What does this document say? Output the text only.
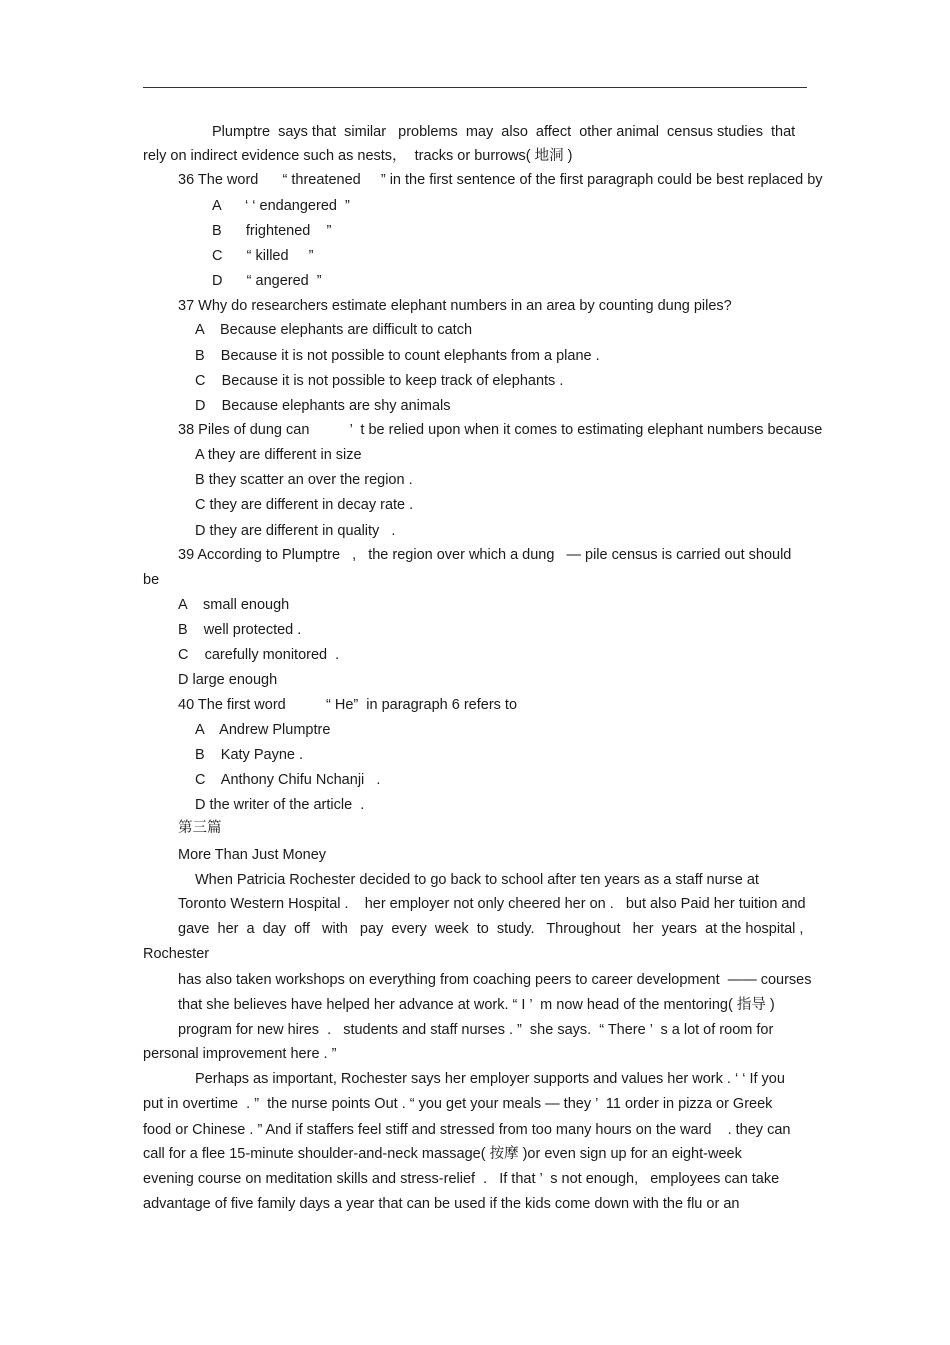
Plumptre  says that  similar   problems  may  also  affect  other animal  census studies  that
rely on indirect evidence such as nests，  tracks or burrows( 地洞 )
36 The word      “ threatened     ” in the first sentence of the first paragraph could be best replaced by
A      ‘ ‘ endangered  ”
B      frightened    ”
C      “ killed     ”
D      “ angered  ”
37 Why do researchers estimate elephant numbers in an area by counting dung piles?
A    Because elephants are difficult to catch
B    Because it is not possible to count elephants from a plane .
C    Because it is not possible to keep track of elephants .
D    Because elephants are shy animals
38 Piles of dung can          ’  t be relied upon when it comes to estimating elephant numbers because
A they are different in size
B they scatter an over the region .
C they are different in decay rate .
D they are different in quality   .
39 According to Plumptre   ,   the region over which a dung   — pile census is carried out should
be
A    small enough
B    well protected .
C    carefully monitored  .
D large enough
40 The first word          “ He”  in paragraph 6 refers to
A    Andrew Plumptre
B    Katy Payne .
C    Anthony Chifu Nchanji   .
D the writer of the article  .
第三篇
More Than Just Money
When Patricia Rochester decided to go back to school after ten years as a staff nurse at
Toronto Western Hospital .    her employer not only cheered her on .   but also Paid her tuition and
gave  her  a  day  off   with   pay  every  week  to  study.   Throughout   her  years  at the hospital ,
Rochester
has also taken workshops on everything from coaching peers to career development  —— courses
that she believes have helped her advance at work. “ I ’  m now head of the mentoring( 指导 )
program for new hires  .   students and staff nurses . ”  she says.  “ There ’  s a lot of room for
personal improvement here . ”
Perhaps as important, Rochester says her employer supports and values her work . ‘ ‘ If you
put in overtime  . ”  the nurse points Out . “ you get your meals — they ’  11 order in pizza or Greek
food or Chinese . ” And if staffers feel stiff and stressed from too many hours on the ward    . they can
call for a flee 15-minute shoulder-and-neck massage( 按摩 )or even sign up for an eight-week
evening course on meditation skills and stress-relief  .   If that ’  s not enough,   employees can take
advantage of five family days a year that can be used if the kids come down with the flu or an
